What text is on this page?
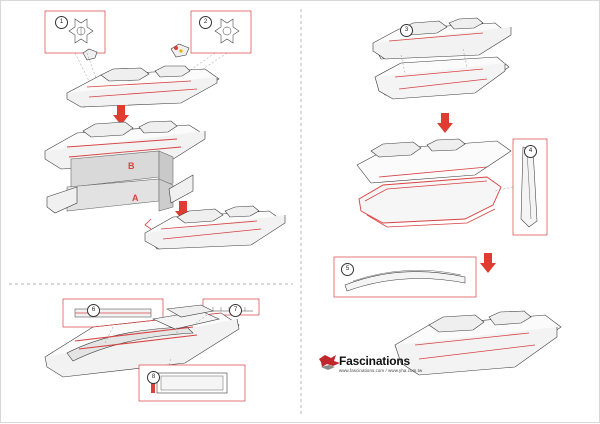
1	2
3
4
5
6	7
8
B
A
Fascinations
www.fascinations.com / www.yha.com.tw
